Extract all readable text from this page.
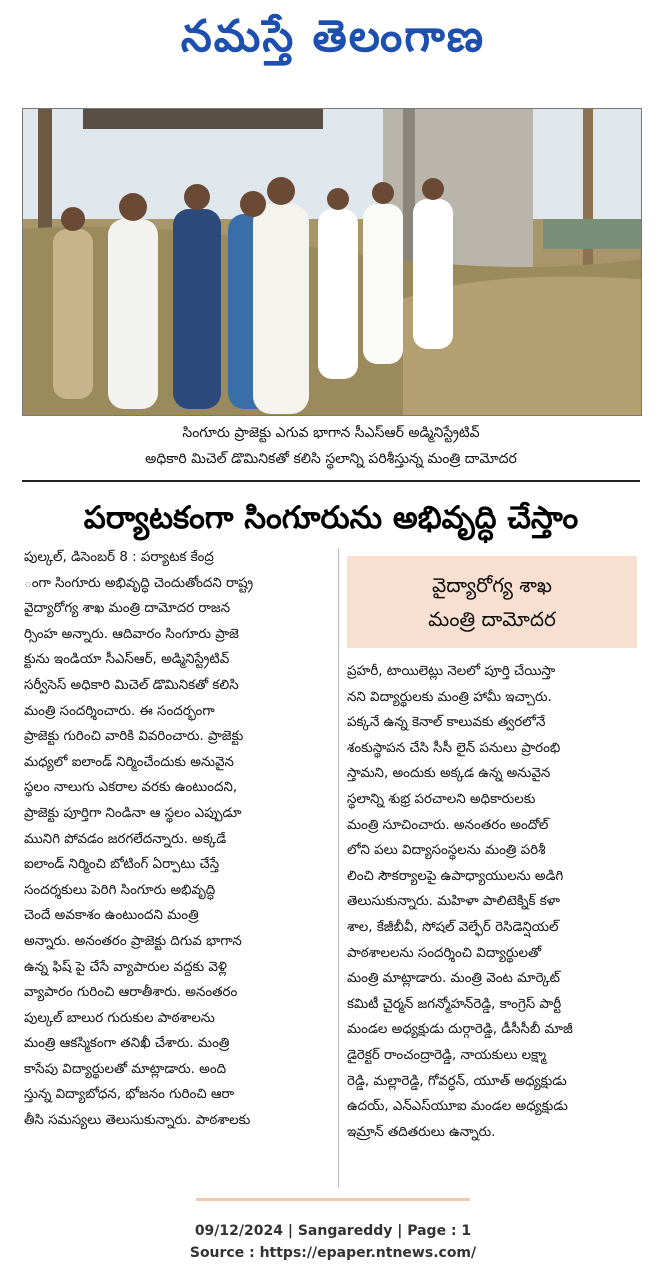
నమస్తే తెలంగాణ
సింగూరు ప్రాజెక్టు ఎగువ భాగాన సీఎస్ఆర్ అడ్మినిస్ట్రేటివ్
అధికారి మిచెల్ డొమినికతో కలిసి స్థలాన్ని పరిశీస్తున్న మంత్రి దామోదర
పర్యాటకంగా సింగూరును అభివృద్ధి చేస్తాం
పుల్కల్, డిసెంబర్ 8 : పర్యాటక కేంద్ర
ంగా సింగూరు అభివృద్ధి చెందుతోందని రాష్ట్ర
వైద్యారోగ్య శాఖ మంత్రి దామోదర రాజన
ర్సింహ అన్నారు. ఆదివారం సింగూరు ప్రాజె
క్టును ఇండియా సీఎస్ఆర్, అడ్మినిస్ట్రేటివ్
సర్వీసెస్ అధికారి మిచెల్ డొమినికతో కలిసి
మంత్రి సందర్శించారు. ఈ సందర్భంగా
ప్రాజెక్టు గురించి వారికి వివరించారు. ప్రాజెక్టు
మధ్యలో ఐలాండ్ నిర్మించేందుకు అనువైన
స్థలం నాలుగు ఎకరాల వరకు ఉంటుందని,
ప్రాజెక్టు పూర్తిగా నిండినా ఆ స్థలం ఎప్పుడూ
మునిగి పోవడం జరగలేదన్నారు. అక్కడే
ఐలాండ్ నిర్మించి బోటింగ్ ఏర్పాటు చేస్తే
సందర్శకులు పెరిగి సింగూరు అభివృద్ధి
చెందే అవకాశం ఉంటుందని మంత్రి
అన్నారు. అనంతరం ప్రాజెక్టు దిగువ భాగాన
ఉన్న ఫిష్ పై చేసే వ్యాపారుల వద్దకు వెళ్లి
వ్యాపారం గురించి ఆరాతీశారు. అనంతరం
పుల్కల్ బాలుర గురుకుల పాఠశాలను
మంత్రి ఆకస్మికంగా తనిఖీ చేశారు. మంత్రి
కాసేపు విద్యార్థులతో మాట్లాడారు. అంది
స్తున్న విద్యాబోధన, భోజనం గురించి ఆరా
తీసి సమస్యలు తెలుసుకున్నారు. పాఠశాలకు
వైద్యారోగ్య శాఖ
మంత్రి దామోదర
ప్రహరీ, టాయిలెట్లు నెలలో పూర్తి చేయిస్తా
నని విద్యార్థులకు మంత్రి హామీ ఇచ్చారు.
పక్కనే ఉన్న కెనాల్ కాలువకు త్వరలోనే
శంకుస్థాపన చేసి సీసీ లైన్ పనులు ప్రారంభి
స్తామని, అందుకు అక్కడ ఉన్న అనువైన
స్థలాన్ని శుభ్ర పరచాలని అధికారులకు
మంత్రి సూచించారు. అనంతరం అందోల్
లోని పలు విద్యాసంస్థలను మంత్రి పరిశీ
లించి సౌకర్యాలపై ఉపాధ్యాయులను అడిగి
తెలుసుకున్నారు. మహిళా పాలిటెక్నిక్ కళా
శాల, కేజీబీవీ, సోషల్ వెల్ఫేర్ రెసిడెన్షియల్
పాఠశాలలను సందర్శించి విద్యార్థులతో
మంత్రి మాట్లాడారు. మంత్రి వెంట మార్కెట్
కమిటీ చైర్మన్ జగన్మోహన్‌రెడ్డి, కాంగ్రెస్ పార్టీ
మండల అధ్యక్షుడు దుర్గారెడ్డి, డీసీసీబీ మాజీ
డైరెక్టర్ రాంచంద్రారెడ్డి, నాయకులు లక్ష్మా
రెడ్డి, మల్లారెడ్డి, గోవర్ధన్, యూత్ అధ్యక్షుడు
ఉదయ్, ఎన్ఎస్‌యూఐ మండల అధ్యక్షుడు
ఇమ్రాన్ తదితరులు ఉన్నారు.
09/12/2024 | Sangareddy | Page : 1
Source : https://epaper.ntnews.com/
